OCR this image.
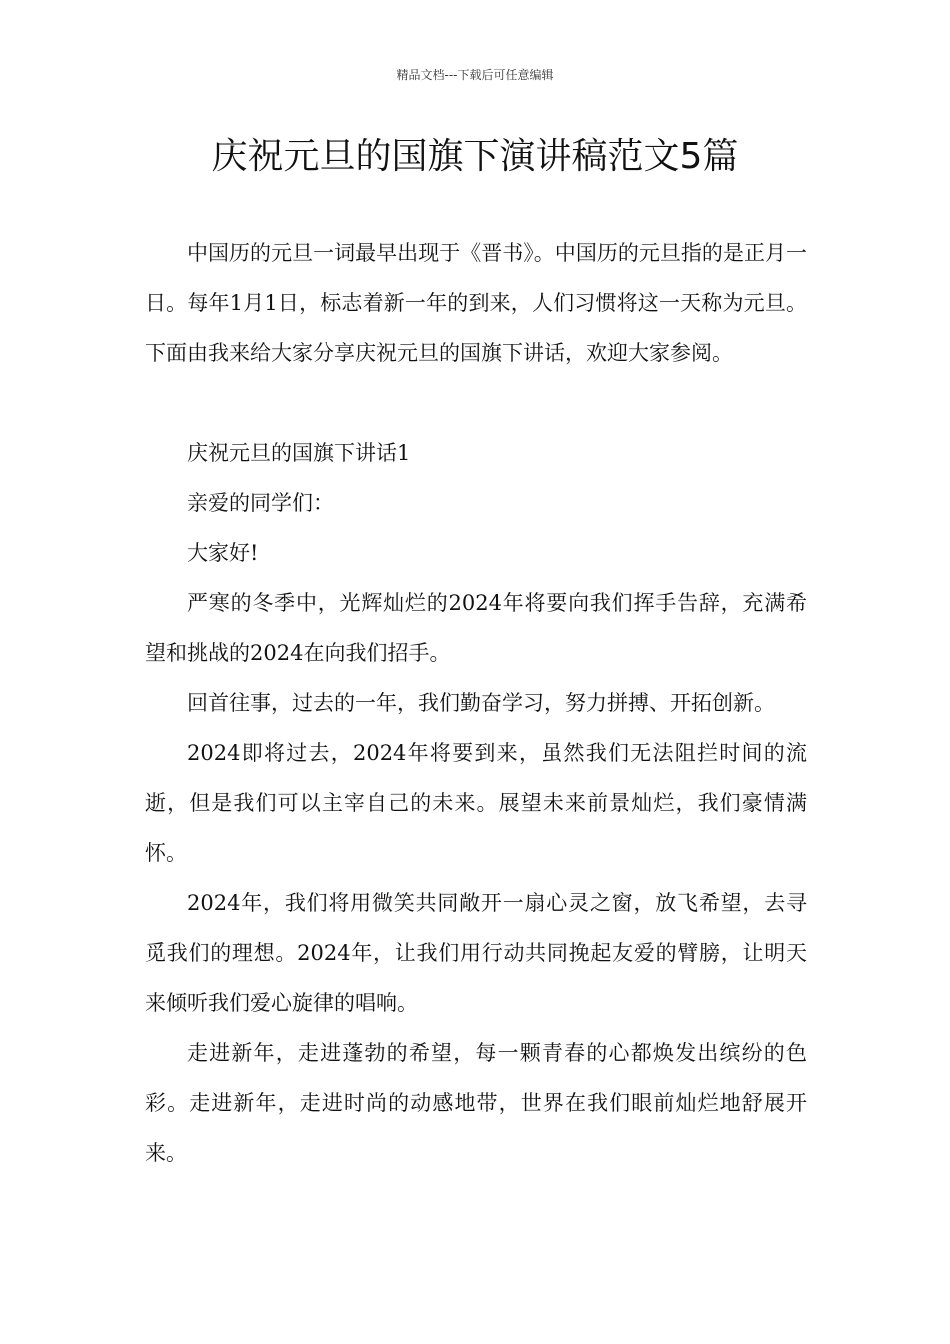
精品文档---下载后可任意编辑
庆祝元旦的国旗下演讲稿范文5篇

中国历的元旦一词最早出现于《晋书》。中国历的元旦指的是正月一日。每年1月1日，标志着新一年的到来，人们习惯将这一天称为元旦。下面由我来给大家分享庆祝元旦的国旗下讲话，欢迎大家参阅。

庆祝元旦的国旗下讲话1

亲爱的同学们：

大家好!

严寒的冬季中，光辉灿烂的2024年将要向我们挥手告辞，充满希望和挑战的2024在向我们招手。

回首往事，过去的一年，我们勤奋学习，努力拼搏、开拓创新。

2024即将过去，2024年将要到来，虽然我们无法阻拦时间的流逝，但是我们可以主宰自己的未来。展望未来前景灿烂，我们豪情满怀。

2024年，我们将用微笑共同敞开一扇心灵之窗，放飞希望，去寻觅我们的理想。2024年，让我们用行动共同挽起友爱的臂膀，让明天来倾听我们爱心旋律的唱响。

走进新年，走进蓬勃的希望，每一颗青春的心都焕发出缤纷的色彩。走进新年，走进时尚的动感地带，世界在我们眼前灿烂地舒展开来。
